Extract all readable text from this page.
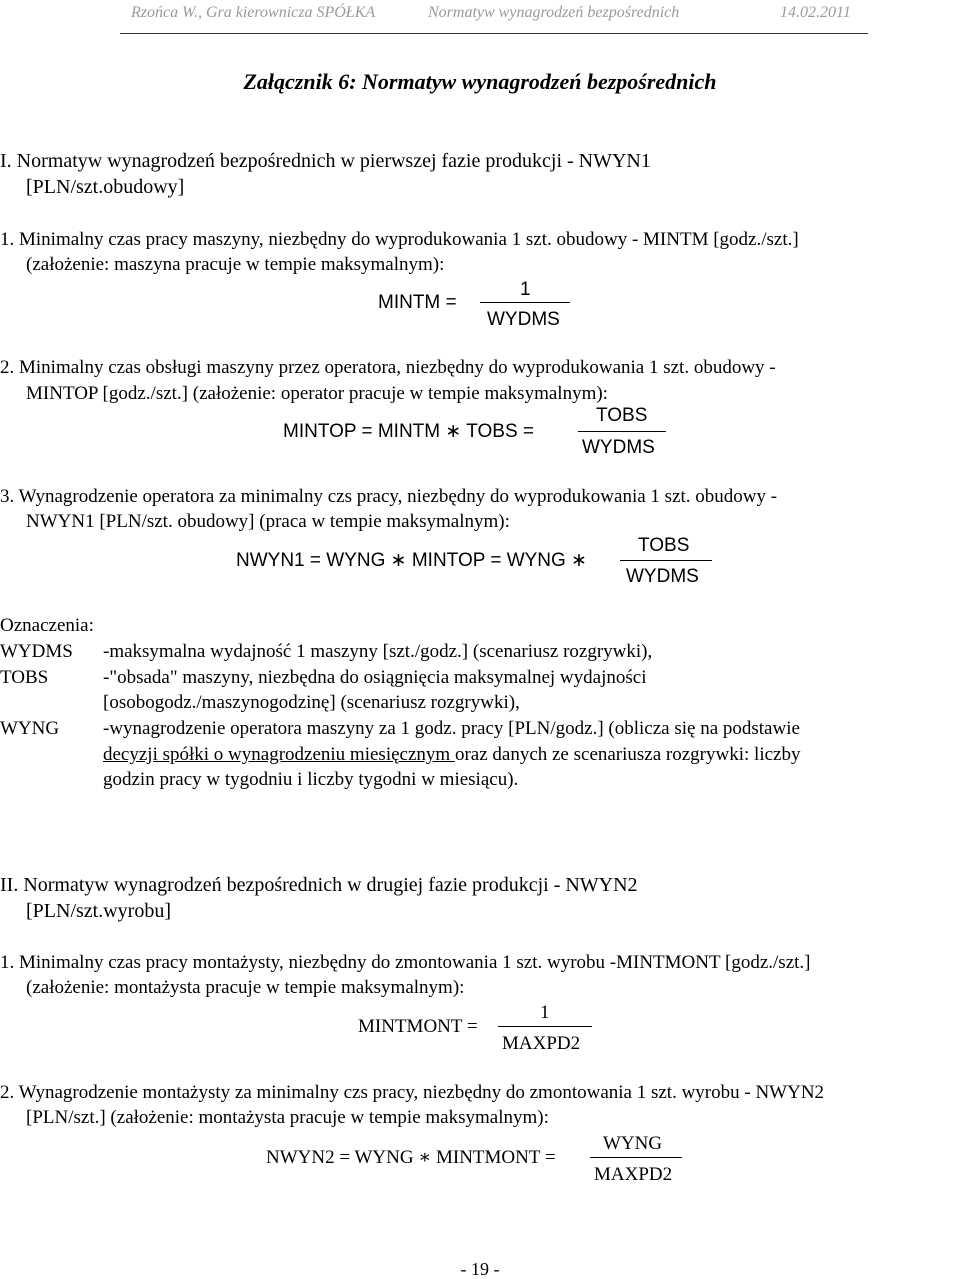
Rzońca W., Gra kierownicza SPÓŁKA	Normatyw wynagrodzeń bezpośrednich	14.02.2011
Załącznik 6: Normatyw wynagrodzeń bezpośrednich
I. Normatyw wynagrodzeń bezpośrednich w pierwszej fazie produkcji - NWYN1
[PLN/szt.obudowy]
1. Minimalny czas pracy maszyny, niezbędny do wyprodukowania 1 szt. obudowy - MINTM [godz./szt.]
(założenie: maszyna pracuje w tempie maksymalnym):
MINTM =
1
WYDMS
2. Minimalny czas obsługi maszyny przez operatora, niezbędny do wyprodukowania 1 szt. obudowy -
MINTOP [godz./szt.] (założenie: operator pracuje w tempie maksymalnym):
MINTOP = MINTM ∗ TOBS =
TOBS
WYDMS
3. Wynagrodzenie operatora za minimalny czs pracy, niezbędny do wyprodukowania 1 szt. obudowy -
NWYN1 [PLN/szt. obudowy] (praca w tempie maksymalnym):
NWYN1 = WYNG ∗ MINTOP = WYNG ∗
TOBS
WYDMS
Oznaczenia:
WYDMS -maksymalna wydajność 1 maszyny [szt./godz.] (scenariusz rozgrywki),
TOBS	-"obsada" maszyny, niezbędna do osiągnięcia maksymalnej wydajności
[osobogodz./maszynogodzinę] (scenariusz rozgrywki),
WYNG -wynagrodzenie operatora maszyny za 1 godz. pracy [PLN/godz.] (oblicza się na podstawie
decyzji spółki o wynagrodzeniu miesięcznym oraz danych ze scenariusza rozgrywki: liczby
godzin pracy w tygodniu i liczby tygodni w miesiącu).
II. Normatyw wynagrodzeń bezpośrednich w drugiej fazie produkcji - NWYN2
[PLN/szt.wyrobu]
1. Minimalny czas pracy montażysty, niezbędny do zmontowania 1 szt. wyrobu -MINTMONT [godz./szt.]
(założenie: montażysta pracuje w tempie maksymalnym):
MINTMONT =
1
MAXPD2
2. Wynagrodzenie montażysty za minimalny czs pracy, niezbędny do zmontowania 1 szt. wyrobu - NWYN2
[PLN/szt.] (założenie: montażysta pracuje w tempie maksymalnym):
NWYN2 = WYNG ∗ MINTMONT =
WYNG
MAXPD2
- 19 -
